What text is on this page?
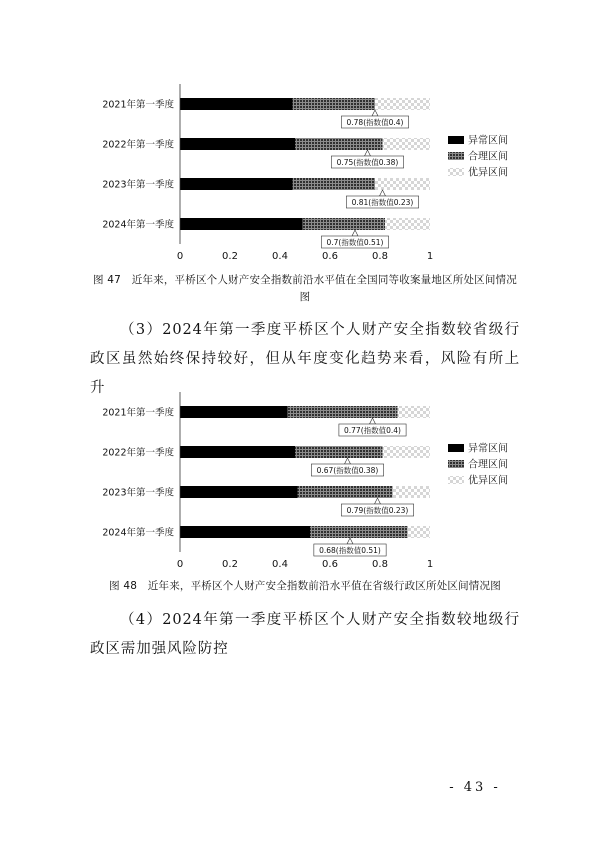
2021年第一季度
0.78(指数值0.4)
2022年第一季度
0.75(指数值0.38)
2023年第一季度
0.81(指数值0.23)
2024年第一季度
0.7(指数值0.51)
0	0.2	0.4	0.6	0.8	1
异常区间
合理区间
优异区间
图 47　近年来，平桥区个人财产安全指数前沿水平值在全国同等收案量地区所处区间情况图
（3）2024年第一季度平桥区个人财产安全指数较省级行政区虽然始终保持较好，但从年度变化趋势来看，风险有所上升
2021年第一季度
0.77(指数值0.4)
2022年第一季度
0.67(指数值0.38)
2023年第一季度
0.79(指数值0.23)
2024年第一季度
0.68(指数值0.51)
0	0.2	0.4	0.6	0.8	1
异常区间
合理区间
优异区间
图 48　近年来，平桥区个人财产安全指数前沿水平值在省级行政区所处区间情况图
（4）2024年第一季度平桥区个人财产安全指数较地级行政区需加强风险防控
- 43 -
